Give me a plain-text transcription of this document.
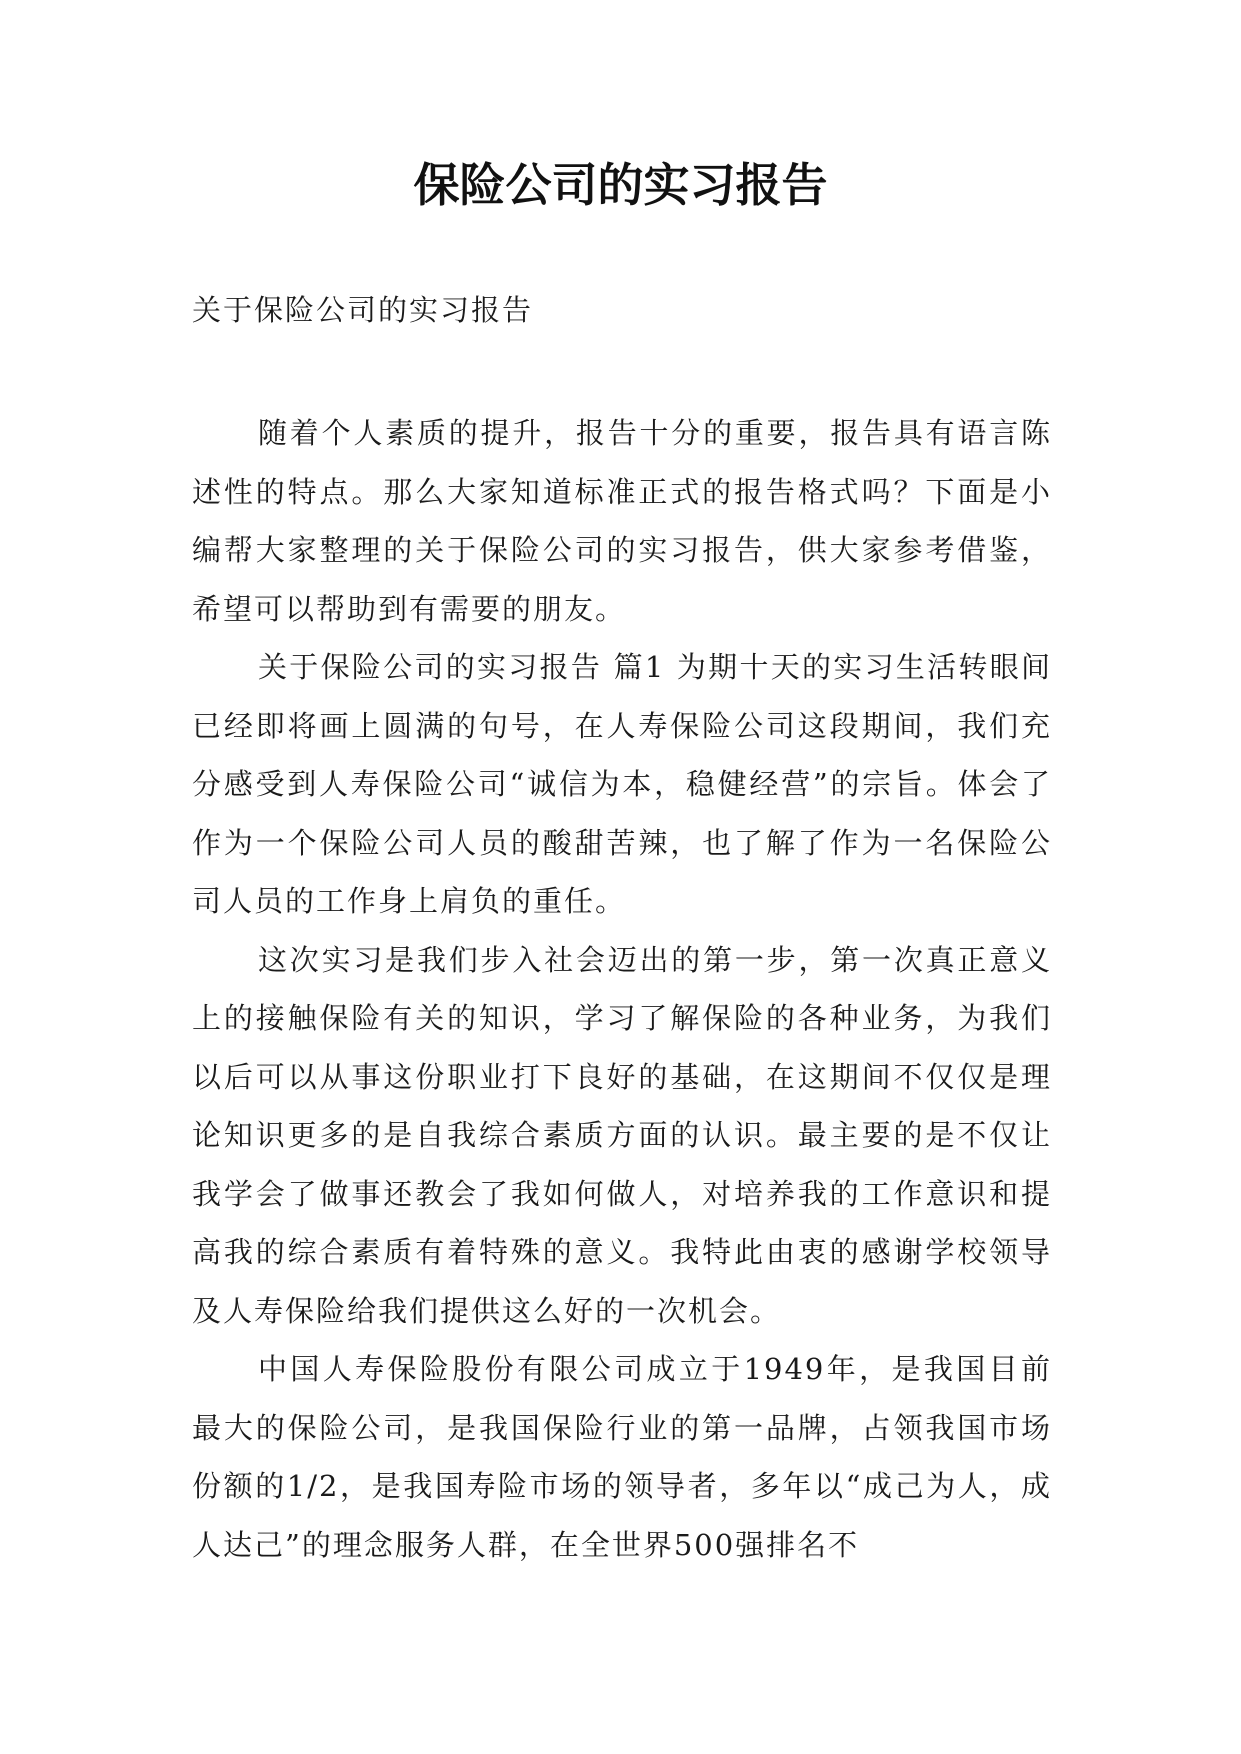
保险公司的实习报告

关于保险公司的实习报告

随着个人素质的提升，报告十分的重要，报告具有语言陈述性的特点。那么大家知道标准正式的报告格式吗？下面是小编帮大家整理的关于保险公司的实习报告，供大家参考借鉴，希望可以帮助到有需要的朋友。

关于保险公司的实习报告 篇1 为期十天的实习生活转眼间已经即将画上圆满的句号，在人寿保险公司这段期间，我们充分感受到人寿保险公司“诚信为本，稳健经营”的宗旨。体会了作为一个保险公司人员的酸甜苦辣，也了解了作为一名保险公司人员的工作身上肩负的重任。

这次实习是我们步入社会迈出的第一步，第一次真正意义上的接触保险有关的知识，学习了解保险的各种业务，为我们以后可以从事这份职业打下良好的基础，在这期间不仅仅是理论知识更多的是自我综合素质方面的认识。最主要的是不仅让我学会了做事还教会了我如何做人，对培养我的工作意识和提高我的综合素质有着特殊的意义。我特此由衷的感谢学校领导及人寿保险给我们提供这么好的一次机会。

中国人寿保险股份有限公司成立于1949年，是我国目前最大的保险公司，是我国保险行业的第一品牌，占领我国市场份额的1/2，是我国寿险市场的领导者，多年以“成己为人，成人达己”的理念服务人群，在全世界500强排名不
